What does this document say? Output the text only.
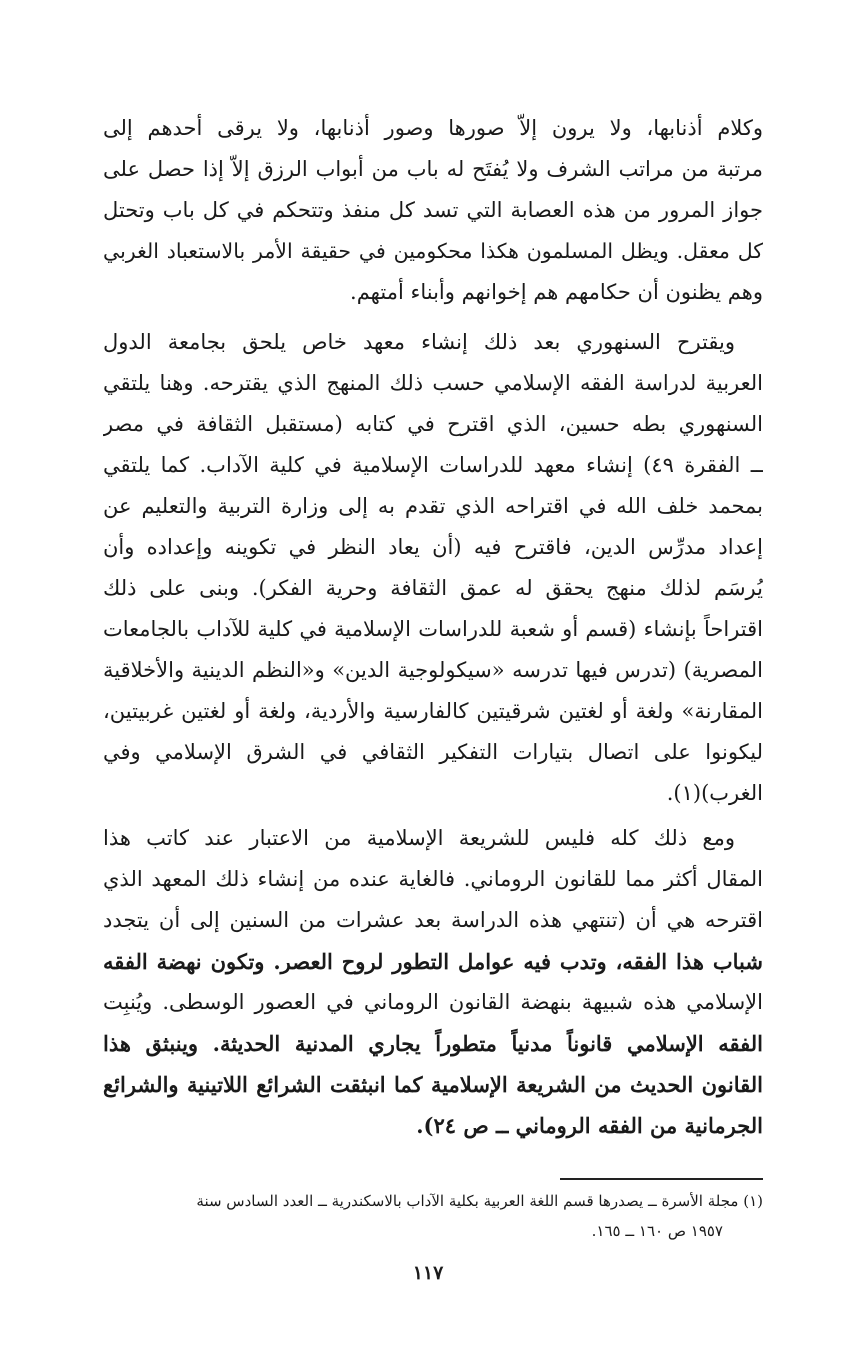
وكلام أذنابها، ولا يرون إلاّ صورها وصور أذنابها، ولا يرقى أحدهم إلى
مرتبة من مراتب الشرف ولا يُفتَح له باب من أبواب الرزق إلاّ إذا حصل على
جواز المرور من هذه العصابة التي تسد كل منفذ وتتحكم في كل باب وتحتل
كل معقل. ويظل المسلمون هكذا محكومين في حقيقة الأمر بالاستعباد الغربي
وهم يظنون أن حكامهم هم إخوانهم وأبناء أمتهم.
ويقترح السنهوري بعد ذلك إنشاء معهد خاص يلحق بجامعة الدول
العربية لدراسة الفقه الإسلامي حسب ذلك المنهج الذي يقترحه. وهنا يلتقي
السنهوري بطه حسين، الذي اقترح في كتابه (مستقبل الثقافة في مصر
ــ الفقرة ٤٩) إنشاء معهد للدراسات الإسلامية في كلية الآداب. كما يلتقي
بمحمد خلف الله في اقتراحه الذي تقدم به إلى وزارة التربية والتعليم عن
إعداد مدرِّس الدين، فاقترح فيه (أن يعاد النظر في تكوينه وإعداده وأن
يُرسَم لذلك منهج يحقق له عمق الثقافة وحرية الفكر). وبنى على ذلك
اقتراحاً بإنشاء (قسم أو شعبة للدراسات الإسلامية في كلية للآداب بالجامعات
المصرية) (تدرس فيها تدرسه «سيكولوجية الدين» و«النظم الدينية والأخلاقية
المقارنة» ولغة أو لغتين شرقيتين كالفارسية والأردية، ولغة أو لغتين غربيتين،
ليكونوا على اتصال بتيارات التفكير الثقافي في الشرق الإسلامي وفي
الغرب)(١).
ومع ذلك كله فليس للشريعة الإسلامية من الاعتبار عند كاتب هذا
المقال أكثر مما للقانون الروماني. فالغاية عنده من إنشاء ذلك المعهد الذي
اقترحه هي أن (تنتهي هذه الدراسة بعد عشرات من السنين إلى أن يتجدد
شباب هذا الفقه، وتدب فيه عوامل التطور لروح العصر. وتكون نهضة الفقه
الإسلامي هذه شبيهة بنهضة القانون الروماني في العصور الوسطى. ويُنبِت
الفقه الإسلامي قانوناً مدنياً متطوراً يجاري المدنية الحديثة. وينبثق هذا
القانون الحديث من الشريعة الإسلامية كما انبثقت الشرائع اللاتينية والشرائع
الجرمانية من الفقه الروماني ــ ص ٢٤).
(١) مجلة الأسرة ــ يصدرها قسم اللغة العربية بكلية الآداب بالاسكندرية ــ العدد السادس سنة
١٩٥٧ ص ١٦٠ ــ ١٦٥.
١١٧
